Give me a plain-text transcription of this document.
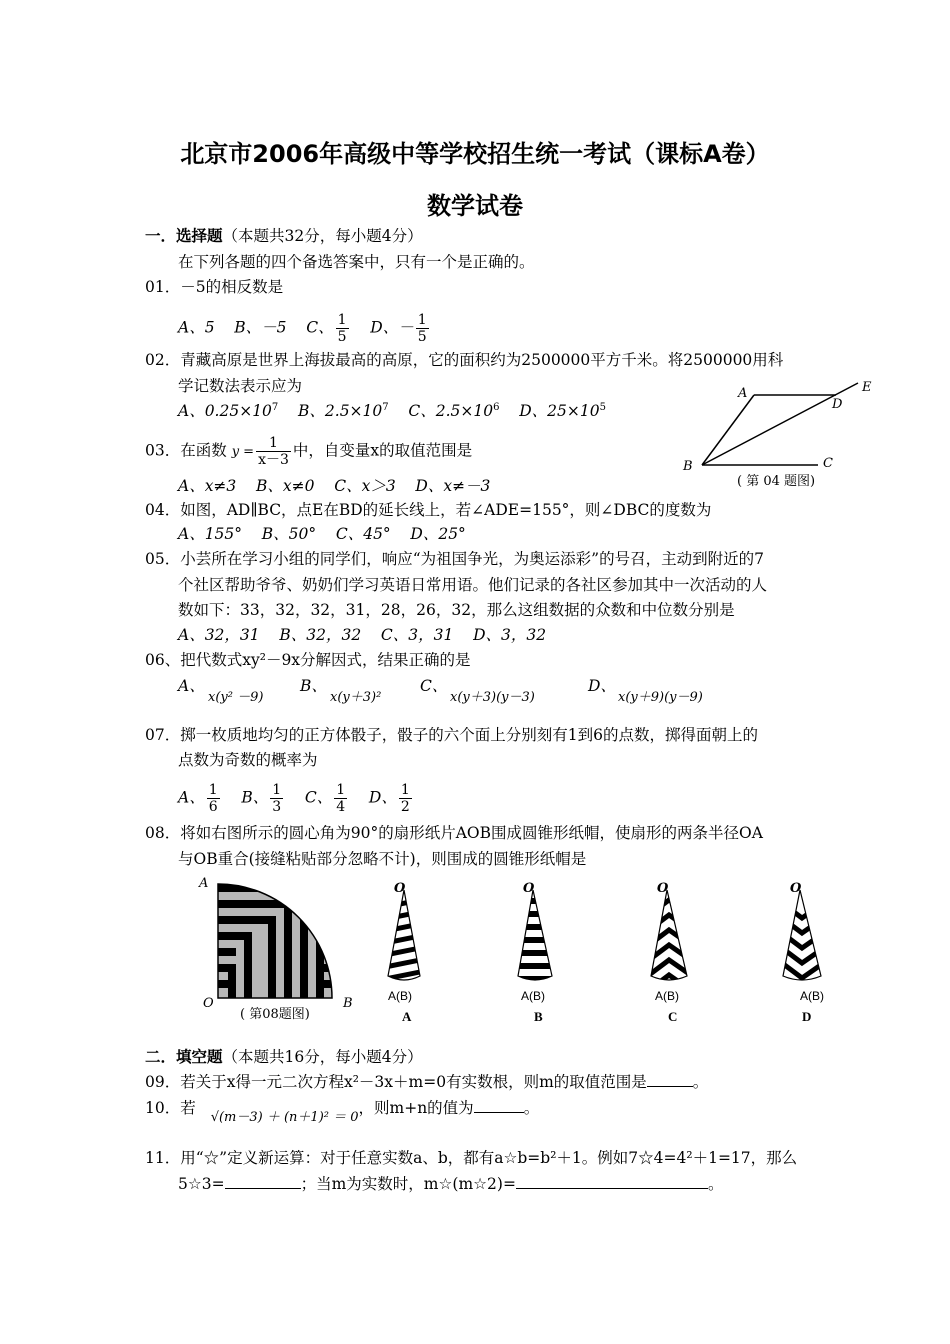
北京市2006年高级中等学校招生统一考试（课标A卷）
数学试卷
一．选择题（本题共32分，每小题4分）
在下列各题的四个备选答案中，只有一个是正确的。
01．－5的相反数是
A、5 B、－5 C、 $\frac{1}{5}$ D、－ $\frac{1}{5}$
02．青藏高原是世界上海拔最高的高原，它的面积约为2500000平方千米。将2500000用科
学记数法表示应为
A、$0.25\times 10^7$ B、$2.5\times 10^7$ C、$2.5\times 10^6$ D、$25\times 10^5$
A	E
D
B	C
( 第 04 题图)
03．在函数 $y = \frac{1}{x-3}$ 中，自变量x的取值范围是
A、x≠3 B、x≠0 C、x＞3 D、x≠－3
04．如图，AD∥BC，点E在BD的延长线上，若∠ADE=155°，则∠DBC的度数为
A、155° B、50° C、45° D、25°
05．小芸所在学习小组的同学们，响应“为祖国争光，为奥运添彩”的号召，主动到附近的7
个社区帮助爷爷、奶奶们学习英语日常用语。他们记录的各社区参加其中一次活动的人
数如下：33，32，32，31，28，26，32，那么这组数据的众数和中位数分别是
A、32，31 B、32，32 C、3，31 D、3，32
06、把代数式xy²－9x分解因式，结果正确的是
A、
x(y² －9)
B、
x(y＋3)²
C、
x(y＋3)(y－3)
D、
x(y＋9)(y－9)
07．掷一枚质地均匀的正方体骰子，骰子的六个面上分别刻有1到6的点数，掷得面朝上的
点数为奇数的概率为
A、 $\frac{1}{6}$ B、 $\frac{1}{3}$ C、 $\frac{1}{4}$ D、 $\frac{1}{2}$
08．将如右图所示的圆心角为90°的扇形纸片AOB围成圆锥形纸帽，使扇形的两条半径OA
与OB重合(接缝粘贴部分忽略不计)，则围成的圆锥形纸帽是
A
O	B
( 第08题图)
O	O	O	O
A(B)	A(B)	A(B)	A(B)
A	B	C	D
二．填空题（本题共16分，每小题4分）
09．若关于x得一元二次方程x²－3x＋m=0有实数根，则m的取值范围是	。
10．若 $_{√(m-3) + (n+1)^2 = 0}$，则m+n的值为	。
11．用“☆”定义新运算：对于任意实数a、b，都有a☆b=b²＋1。例如7☆4=4²＋1=17，那么
5☆3=	；当m为实数时，m☆(m☆2)=	。
